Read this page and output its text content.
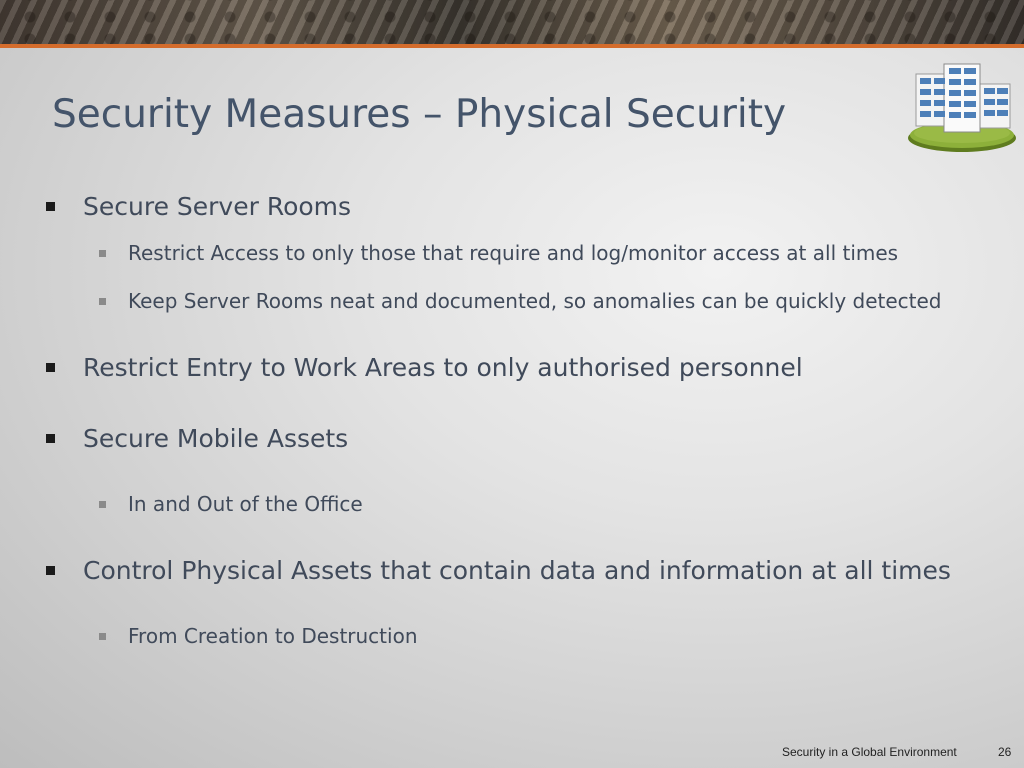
Security Measures – Physical Security
Secure Server Rooms
Restrict Access to only those that require and log/monitor access at all times
Keep Server Rooms neat and documented, so anomalies can be quickly detected
Restrict Entry to Work Areas to only authorised personnel
Secure Mobile Assets
In and Out of the Office
Control Physical Assets that contain data and information at all times
From Creation to Destruction
Security in a Global Environment	26
